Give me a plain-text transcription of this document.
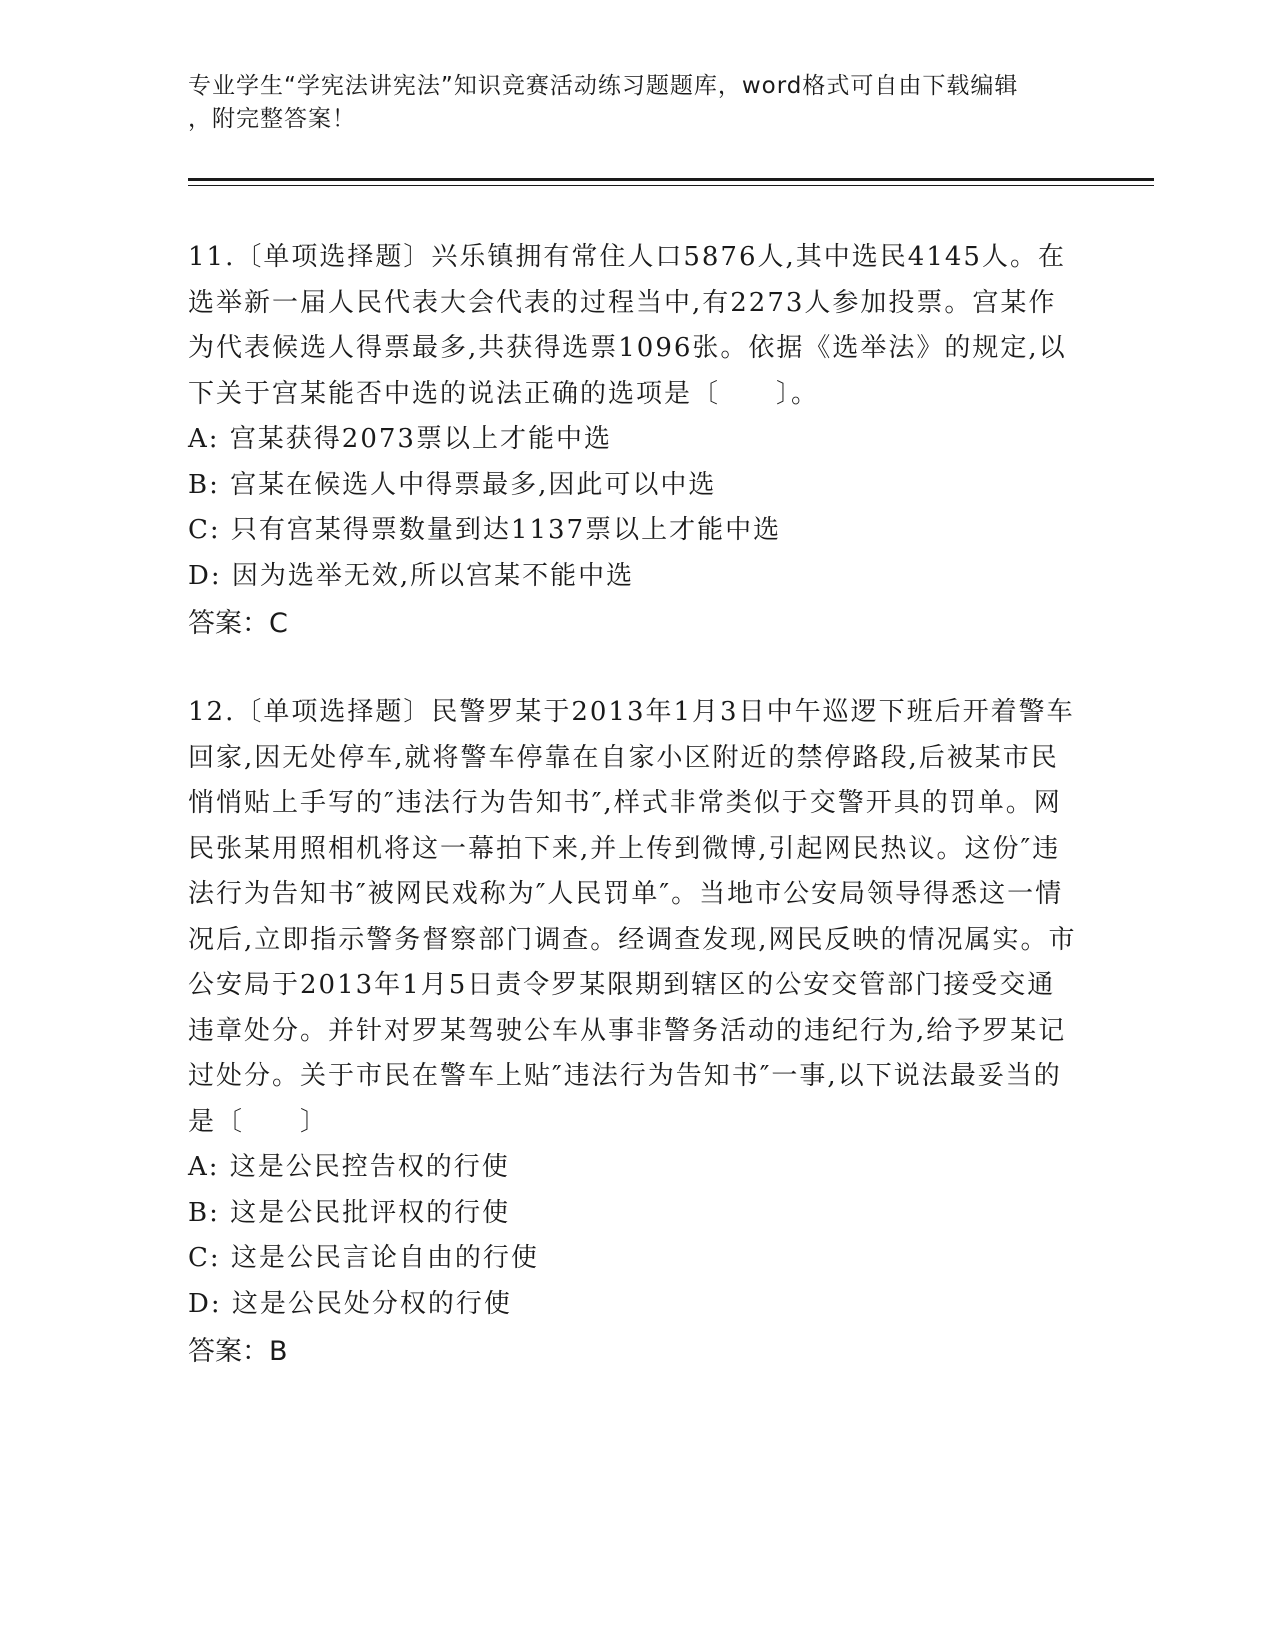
专业学生“学宪法讲宪法”知识竞赛活动练习题题库，word格式可自由下载编辑
，附完整答案！

11.〔单项选择题〕兴乐镇拥有常住人口5876人,其中选民4145人。在选举新一届人民代表大会代表的过程当中,有2273人参加投票。宫某作为代表候选人得票最多,共获得选票1096张。依据《选举法》的规定,以下关于宫某能否中选的说法正确的选项是〔　　〕。

A: 宫某获得2073票以上才能中选

B: 宫某在候选人中得票最多,因此可以中选

C: 只有宫某得票数量到达1137票以上才能中选

D: 因为选举无效,所以宫某不能中选

答案：C

12.〔单项选择题〕民警罗某于2013年1月3日中午巡逻下班后开着警车回家,因无处停车,就将警车停靠在自家小区附近的禁停路段,后被某市民悄悄贴上手写的″违法行为告知书″,样式非常类似于交警开具的罚单。网民张某用照相机将这一幕拍下来,并上传到微博,引起网民热议。这份″违法行为告知书″被网民戏称为″人民罚单″。当地市公安局领导得悉这一情况后,立即指示警务督察部门调查。经调查发现,网民反映的情况属实。市公安局于2013年1月5日责令罗某限期到辖区的公安交管部门接受交通违章处分。并针对罗某驾驶公车从事非警务活动的违纪行为,给予罗某记过处分。关于市民在警车上贴″违法行为告知书″一事,以下说法最妥当的是〔　　〕

A: 这是公民控告权的行使

B: 这是公民批评权的行使

C: 这是公民言论自由的行使

D: 这是公民处分权的行使

答案：B
